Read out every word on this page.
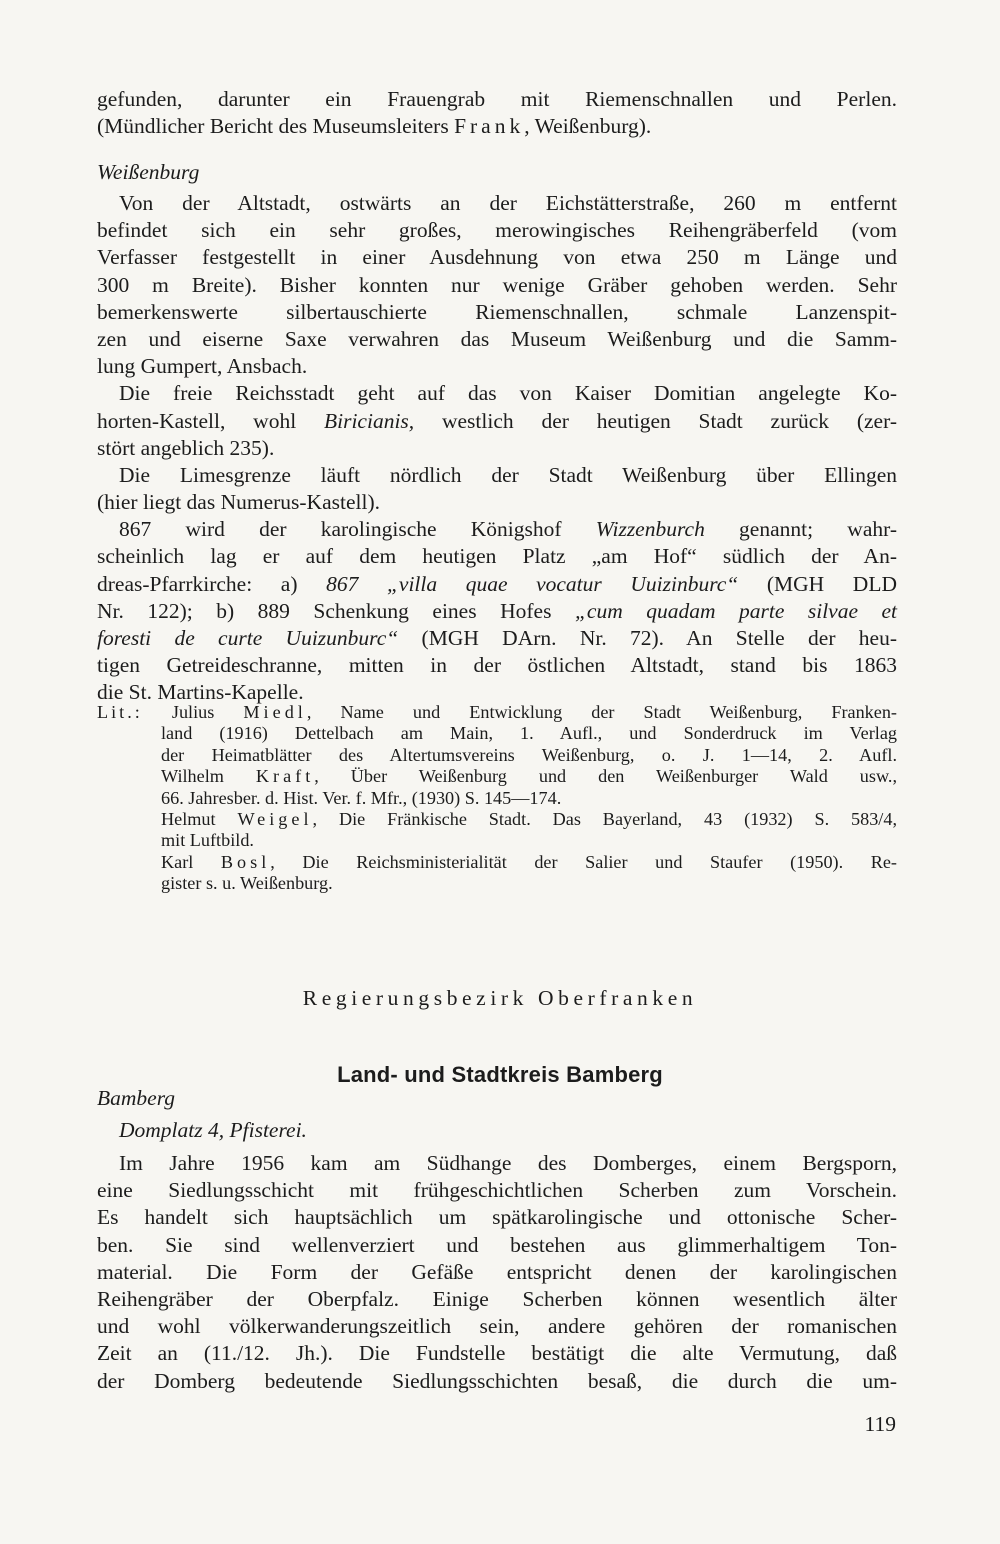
gefunden, darunter ein Frauengrab mit Riemenschnallen und Perlen.
(Mündlicher Bericht des Museumsleiters Frank, Weißenburg).
Weißenburg
Von der Altstadt, ostwärts an der Eichstätterstraße, 260 m entfernt
befindet sich ein sehr großes, merowingisches Reihengräberfeld (vom
Verfasser festgestellt in einer Ausdehnung von etwa 250 m Länge und
300 m Breite). Bisher konnten nur wenige Gräber gehoben werden. Sehr
bemerkenswerte silbertauschierte Riemenschnallen, schmale Lanzenspit-
zen und eiserne Saxe verwahren das Museum Weißenburg und die Samm-
lung Gumpert, Ansbach.
Die freie Reichsstadt geht auf das von Kaiser Domitian angelegte Ko-
horten-Kastell, wohl Biricianis, westlich der heutigen Stadt zurück (zer-
stört angeblich 235).
Die Limesgrenze läuft nördlich der Stadt Weißenburg über Ellingen
(hier liegt das Numerus-Kastell).
867 wird der karolingische Königshof Wizzenburch genannt; wahr-
scheinlich lag er auf dem heutigen Platz „am Hof“ südlich der An-
dreas-Pfarrkirche: a) 867 „villa quae vocatur Uuizinburc“ (MGH DLD
Nr. 122); b) 889 Schenkung eines Hofes „cum quadam parte silvae et
foresti de curte Uuizunburc“ (MGH DArn. Nr. 72). An Stelle der heu-
tigen Getreideschranne, mitten in der östlichen Altstadt, stand bis 1863
die St. Martins-Kapelle.
Lit.: Julius Miedl, Name und Entwicklung der Stadt Weißenburg, Franken-
land (1916) Dettelbach am Main, 1. Aufl., und Sonderdruck im Verlag
der Heimatblätter des Altertumsvereins Weißenburg, o. J. 1—14, 2. Aufl.
Wilhelm Kraft, Über Weißenburg und den Weißenburger Wald usw.,
66. Jahresber. d. Hist. Ver. f. Mfr., (1930) S. 145—174.
Helmut Weigel, Die Fränkische Stadt. Das Bayerland, 43 (1932) S. 583/4,
mit Luftbild.
Karl Bosl, Die Reichsministerialität der Salier und Staufer (1950). Re-
gister s. u. Weißenburg.
Regierungsbezirk Oberfranken
Land- und Stadtkreis Bamberg
Bamberg
Domplatz 4, Pfisterei.
Im Jahre 1956 kam am Südhange des Domberges, einem Bergsporn,
eine Siedlungsschicht mit frühgeschichtlichen Scherben zum Vorschein.
Es handelt sich hauptsächlich um spätkarolingische und ottonische Scher-
ben. Sie sind wellenverziert und bestehen aus glimmerhaltigem Ton-
material. Die Form der Gefäße entspricht denen der karolingischen
Reihengräber der Oberpfalz. Einige Scherben können wesentlich älter
und wohl völkerwanderungszeitlich sein, andere gehören der romanischen
Zeit an (11./12. Jh.). Die Fundstelle bestätigt die alte Vermutung, daß
der Domberg bedeutende Siedlungsschichten besaß, die durch die um-
119
